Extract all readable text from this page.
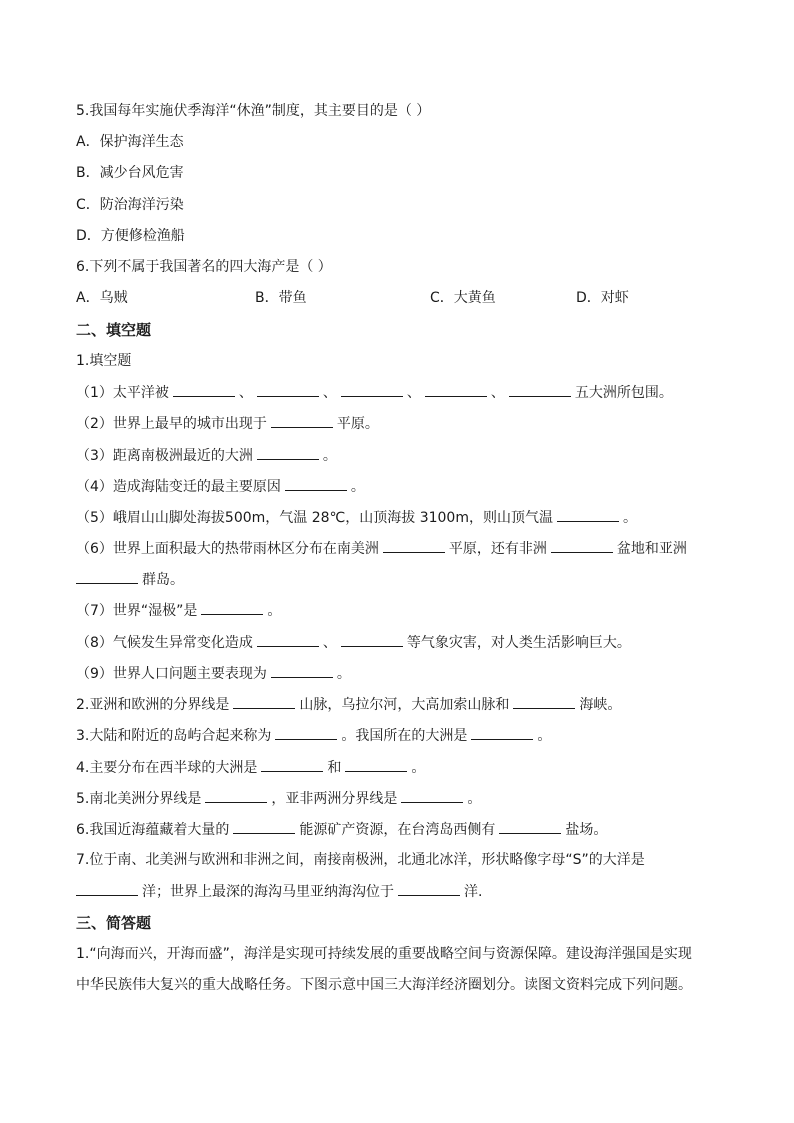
5.我国每年实施伏季海洋“休渔”制度，其主要目的是（ ）
A．保护海洋生态
B．减少台风危害
C．防治海洋污染
D．方便修检渔船
6.下列不属于我国著名的四大海产是（ ）
A．乌贼	B．带鱼	C．大黄鱼	D．对虾
二、填空题
1.填空题
（1）太平洋被	、	、	、	、	五大洲所包围。
（2）世界上最早的城市出现于	平原。
（3）距离南极洲最近的大洲	。
（4）造成海陆变迁的最主要原因	。
（5）峨眉山山脚处海拔500m，气温 28℃，山顶海拔 3100m，则山顶气温	。
（6）世界上面积最大的热带雨林区分布在南美洲	平原，还有非洲	盆地和亚洲
群岛。
（7）世界“湿极”是	。
（8）气候发生异常变化造成	、	等气象灾害，对人类生活影响巨大。
（9）世界人口问题主要表现为	。
2.亚洲和欧洲的分界线是	山脉，乌拉尔河，大高加索山脉和	海峡。
3.大陆和附近的岛屿合起来称为	。我国所在的大洲是	。
4.主要分布在西半球的大洲是	和	。
5.南北美洲分界线是	，亚非两洲分界线是	。
6.我国近海蕴藏着大量的	能源矿产资源，在台湾岛西侧有	盐场。
7.位于南、北美洲与欧洲和非洲之间，南接南极洲，北通北冰洋，形状略像字母“S”的大洋是
洋；世界上最深的海沟马里亚纳海沟位于	洋.
三、简答题
1.“向海而兴，开海而盛”，海洋是实现可持续发展的重要战略空间与资源保障。建设海洋强国是实现
中华民族伟大复兴的重大战略任务。下图示意中国三大海洋经济圈划分。读图文资料完成下列问题。
